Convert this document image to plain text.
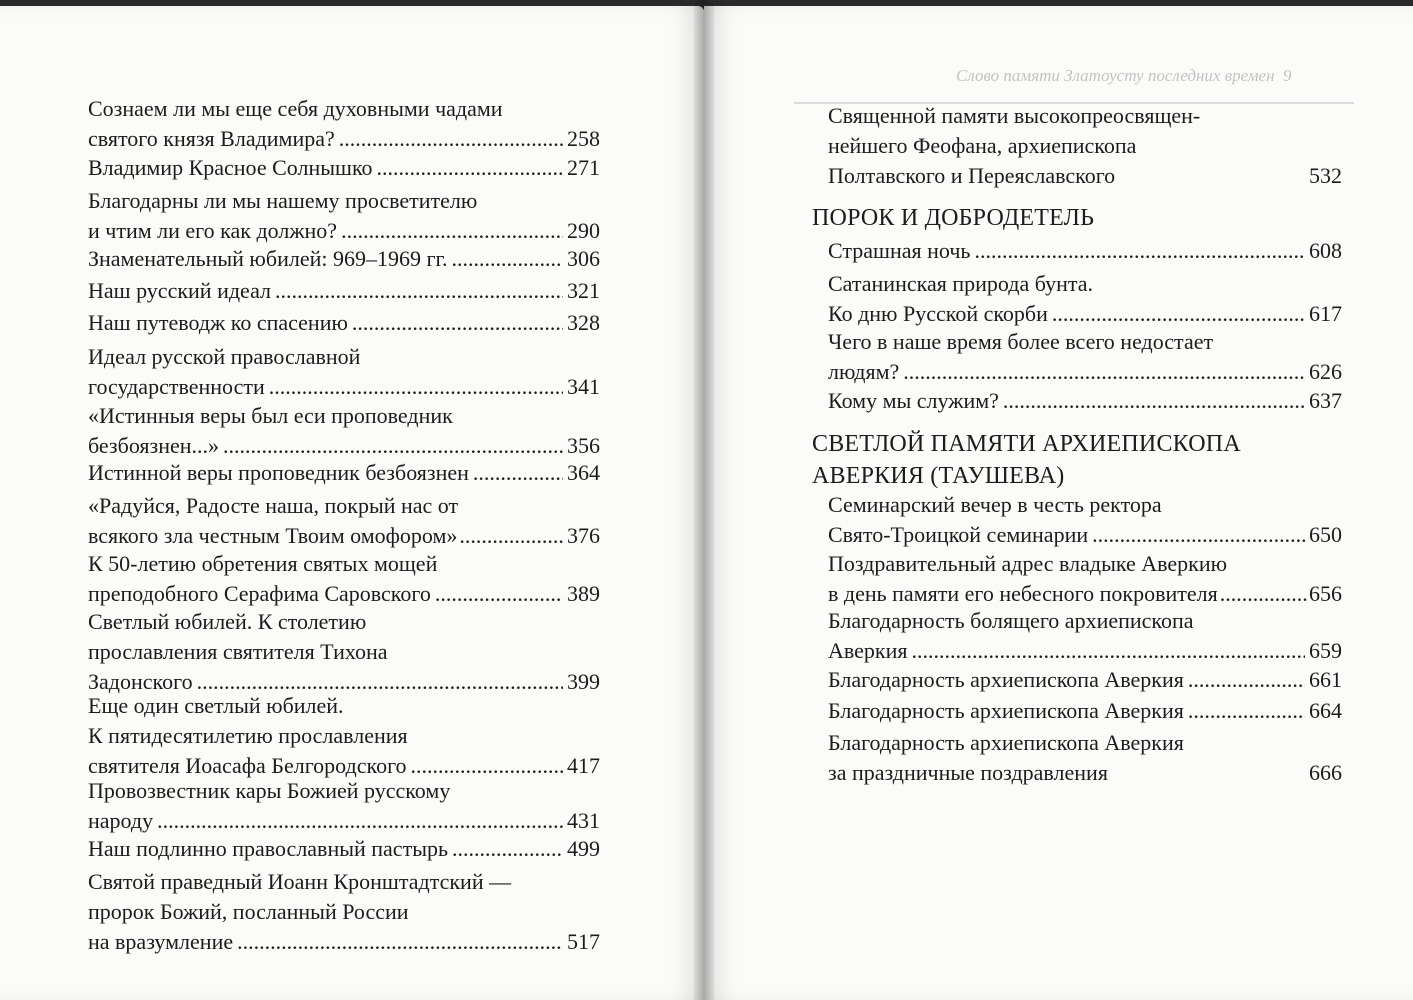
Сознаем ли мы еще себя духовными чадами
святого князя Владимира? .....	258
Владимир Красное Солнышко .....	271
Благодарны ли мы нашему просветителю
и чтим ли его как должно? .....	290
Знаменательный юбилей: 969–1969 гг. .....	306
Наш русский идеал .....	321
Наш путеводж ко спасению .....	328
Идеал русской православной
государственности .....	341
«Истинныя веры был еси проповедник
безбоязнен...» .....	356
Истинной веры проповедник безбоязнен .....	364
«Радуйся, Радосте наша, покрый нас от
всякого зла честным Твоим омофором» .....	376
К 50-летию обретения святых мощей
преподобного Серафима Саровского .....	389
Светлый юбилей. К столетию
прославления святителя Тихона
Задонского .....	399
Еще один светлый юбилей.
К пятидесятилетию прославления
святителя Иоасафа Белгородского .....	417
Провозвестник кары Божией русскому
народу .....	431
Наш подлинно православный пастырь .....	499
Святой праведный Иоанн Кронштадтский —
пророк Божий, посланный России
на вразумление .....	517
Слово памяти Златоусту последних времен 9
Священной памяти высокопреосвящен-
нейшего Феофана, архиепископа
Полтавского и Переяславского	532
ПОРОК И ДОБРОДЕТЕЛЬ
Страшная ночь .....	608
Сатанинская природа бунта.
Ко дню Русской скорби .....	617
Чего в наше время более всего недостает
людям? .....	626
Кому мы служим? .....	637
СВЕТЛОЙ ПАМЯТИ АРХИЕПИСКОПА
АВЕРКИЯ (ТАУШЕВА)
Семинарский вечер в честь ректора
Свято-Троицкой семинарии .....	650
Поздравительный адрес владыке Аверкию
в день памяти его небесного покровителя .....	656
Благодарность болящего архиепископа
Аверкия .....	659
Благодарность архиепископа Аверкия .....	661
Благодарность архиепископа Аверкия .....	664
Благодарность архиепископа Аверкия
за праздничные поздравления	666
